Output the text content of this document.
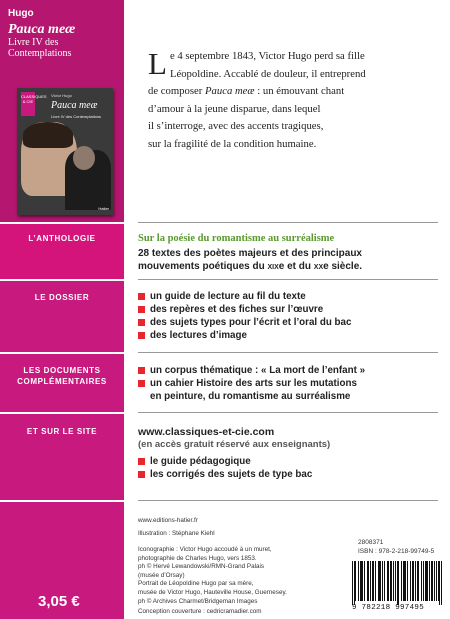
Hugo
Pauca meæ
Livre IV des
Contemplations
CLASSIQUES & CIE
Victor Hugo
Pauca meæ
Livre IV des Contemplations
Hatier
L e 4 septembre 1843, Victor Hugo perd sa fille
Léopoldine. Accablé de douleur, il entreprend
de composer Pauca meæ : un émouvant chant
d’amour à la jeune disparue, dans lequel
il s’interroge, avec des accents tragiques,
sur la fragilité de la condition humaine.
L’ANTHOLOGIE	Sur la poésie du romantisme au surréalisme
28 textes des poètes majeurs et des principaux
mouvements poétiques du XIXe et du XXe siècle.
LE DOSSIER	un guide de lecture au fil du texte
des repères et des fiches sur l’œuvre
des sujets types pour l’écrit et l’oral du bac
des lectures d’image
LES DOCUMENTS
COMPLÉMENTAIRES
un corpus thématique : « La mort de l’enfant »
un cahier Histoire des arts sur les mutations
en peinture, du romantisme au surréalisme
ET SUR LE SITE	www.classiques-et-cie.com
(en accès gratuit réservé aux enseignants)
le guide pédagogique
les corrigés des sujets de type bac
www.editions-hatier.fr
Illustration : Stéphane Kiehl
Iconographie : Victor Hugo accoudé à un muret,
photographie de Charles Hugo, vers 1853.
ph © Hervé Lewandowski/RMN-Grand Palais
(musée d’Orsay)
Portrait de Léopoldine Hugo par sa mère,
musée de Victor Hugo, Hauteville House, Guernesey.
ph © Archives Charmet/Bridgeman Images
Conception couverture : cedricramadier.com
3,05 €
2808371
ISBN : 978-2-218-99749-5
9 782218 997495
